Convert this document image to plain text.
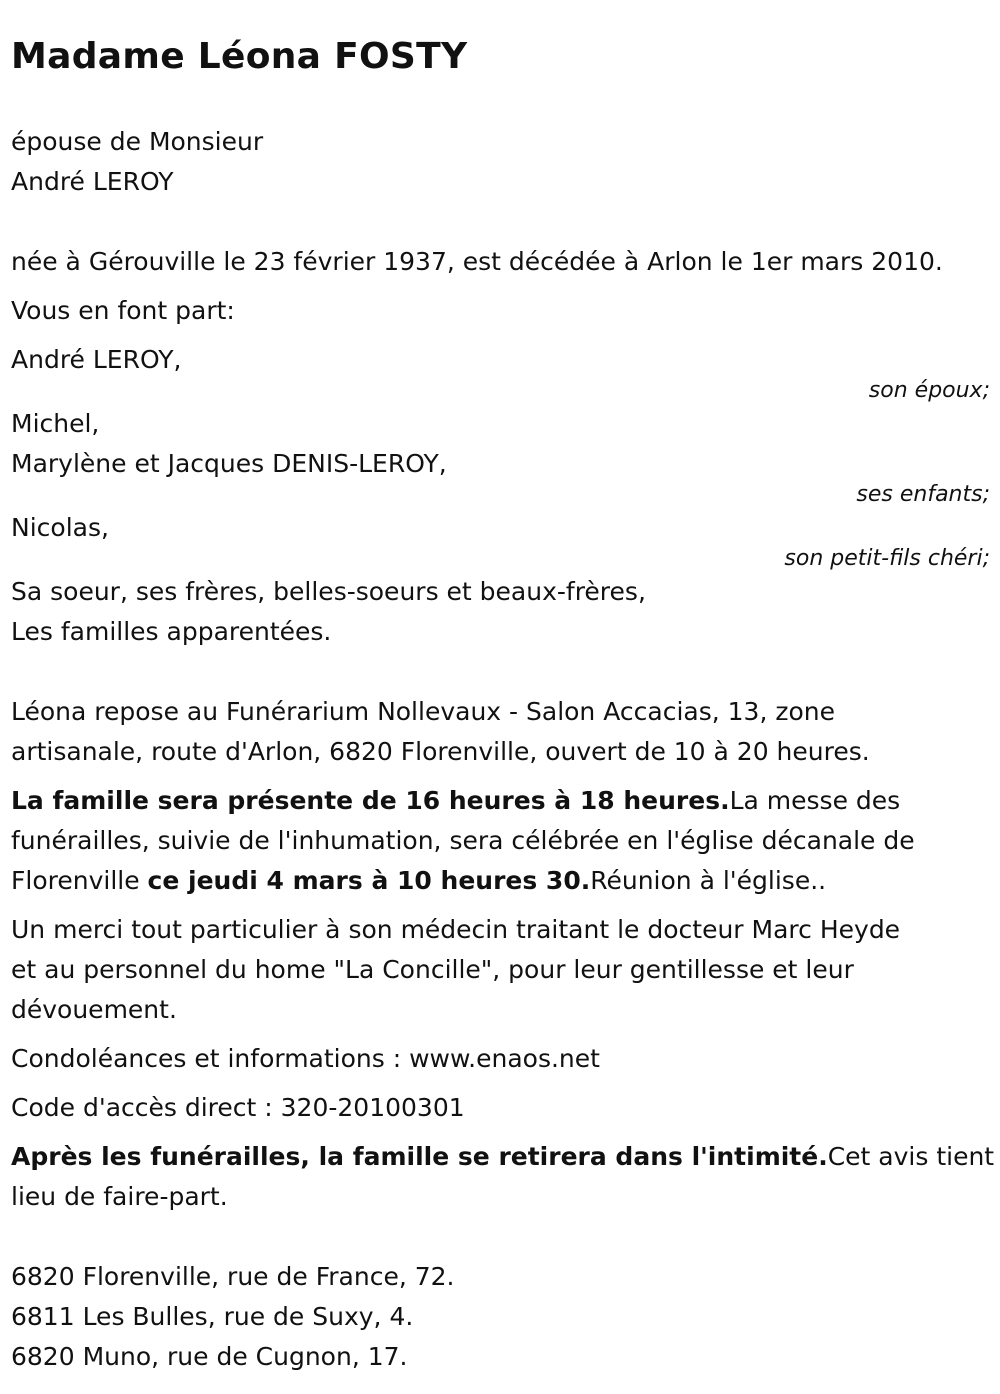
Madame Léona FOSTY
épouse de Monsieur
André LEROY
née à Gérouville le 23 février 1937, est décédée à Arlon le 1er mars 2010.
Vous en font part:
André LEROY,
son époux;
Michel,
Marylène et Jacques DENIS-LEROY,
ses enfants;
Nicolas,
son petit-fils chéri;
Sa soeur, ses frères, belles-soeurs et beaux-frères,
Les familles apparentées.
Léona repose au Funérarium Nollevaux - Salon Accacias, 13, zone
artisanale, route d'Arlon, 6820 Florenville, ouvert de 10 à 20 heures.
La famille sera présente de 16 heures à 18 heures.La messe des
funérailles, suivie de l'inhumation, sera célébrée en l'église décanale de
Florenville ce jeudi 4 mars à 10 heures 30.Réunion à l'église..
Un merci tout particulier à son médecin traitant le docteur Marc Heyde
et au personnel du home "La Concille", pour leur gentillesse et leur
dévouement.
Condoléances et informations : www.enaos.net
Code d'accès direct : 320-20100301
Après les funérailles, la famille se retirera dans l'intimité.Cet avis tient
lieu de faire-part.
6820 Florenville, rue de France, 72.
6811 Les Bulles, rue de Suxy, 4.
6820 Muno, rue de Cugnon, 17.
